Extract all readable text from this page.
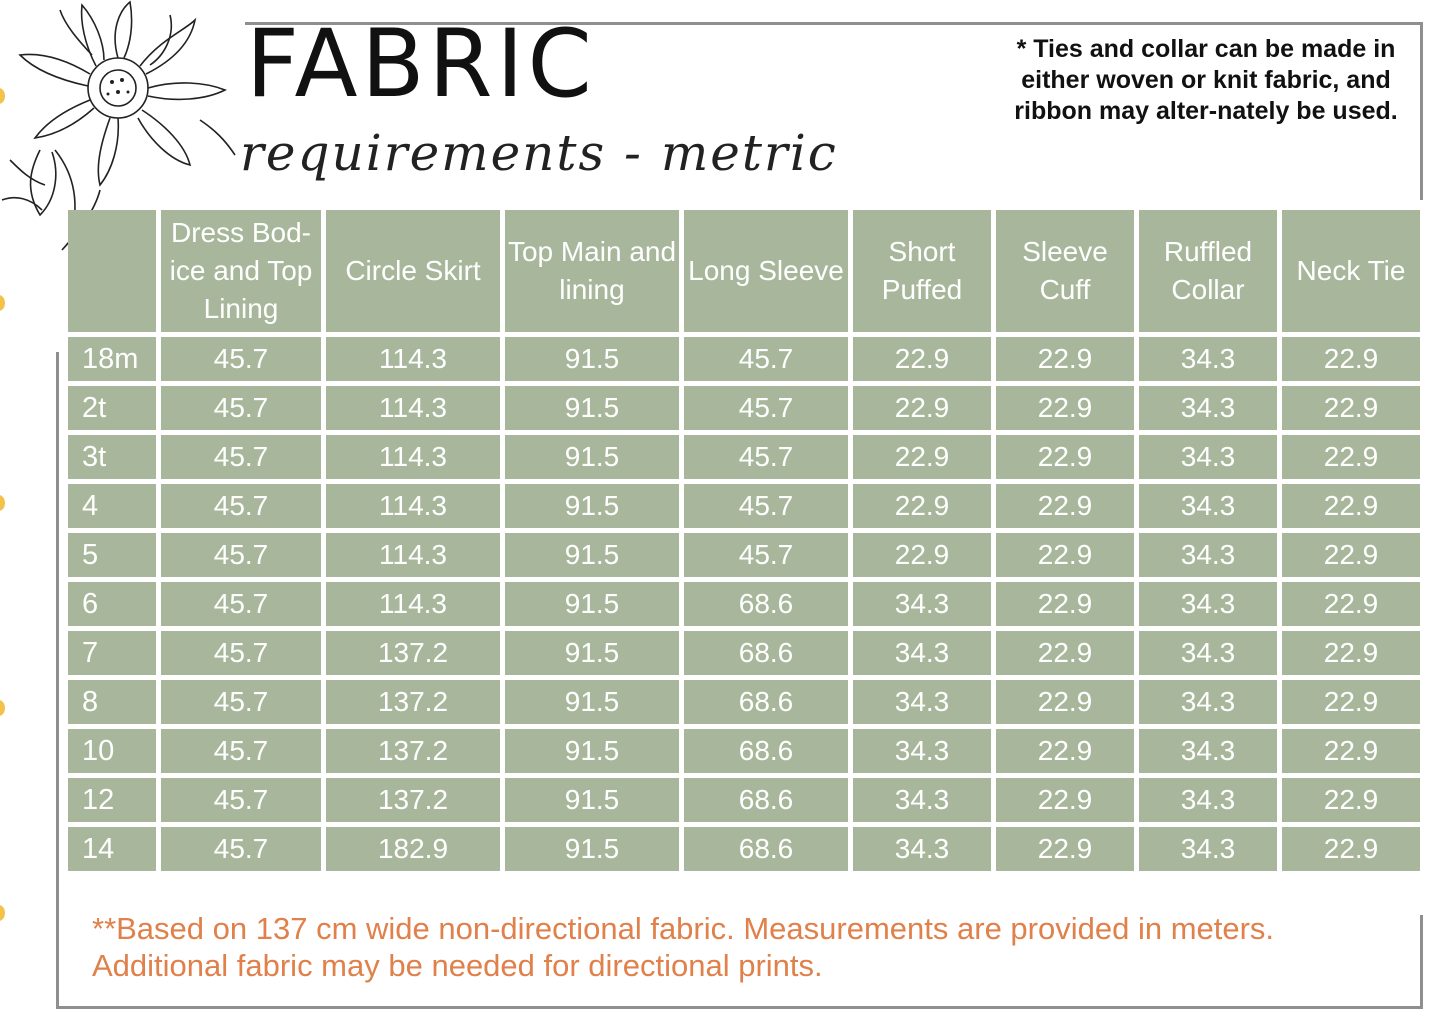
FABRIC
requirements - metric
* Ties and collar can be made in either woven or knit fabric, and ribbon may alter-nately be used.
	Dress Bod-ice and Top Lining	Circle Skirt	Top Main and lining	Long Sleeve	Short Puffed	Sleeve Cuff	Ruffled Collar	Neck Tie
18m	45.7	114.3	91.5	45.7	22.9	22.9	34.3	22.9
2t	45.7	114.3	91.5	45.7	22.9	22.9	34.3	22.9
3t	45.7	114.3	91.5	45.7	22.9	22.9	34.3	22.9
4	45.7	114.3	91.5	45.7	22.9	22.9	34.3	22.9
5	45.7	114.3	91.5	45.7	22.9	22.9	34.3	22.9
6	45.7	114.3	91.5	68.6	34.3	22.9	34.3	22.9
7	45.7	137.2	91.5	68.6	34.3	22.9	34.3	22.9
8	45.7	137.2	91.5	68.6	34.3	22.9	34.3	22.9
10	45.7	137.2	91.5	68.6	34.3	22.9	34.3	22.9
12	45.7	137.2	91.5	68.6	34.3	22.9	34.3	22.9
14	45.7	182.9	91.5	68.6	34.3	22.9	34.3	22.9
**Based on 137 cm wide non-directional fabric. Measurements are provided in meters. Additional fabric may be needed for directional prints.
